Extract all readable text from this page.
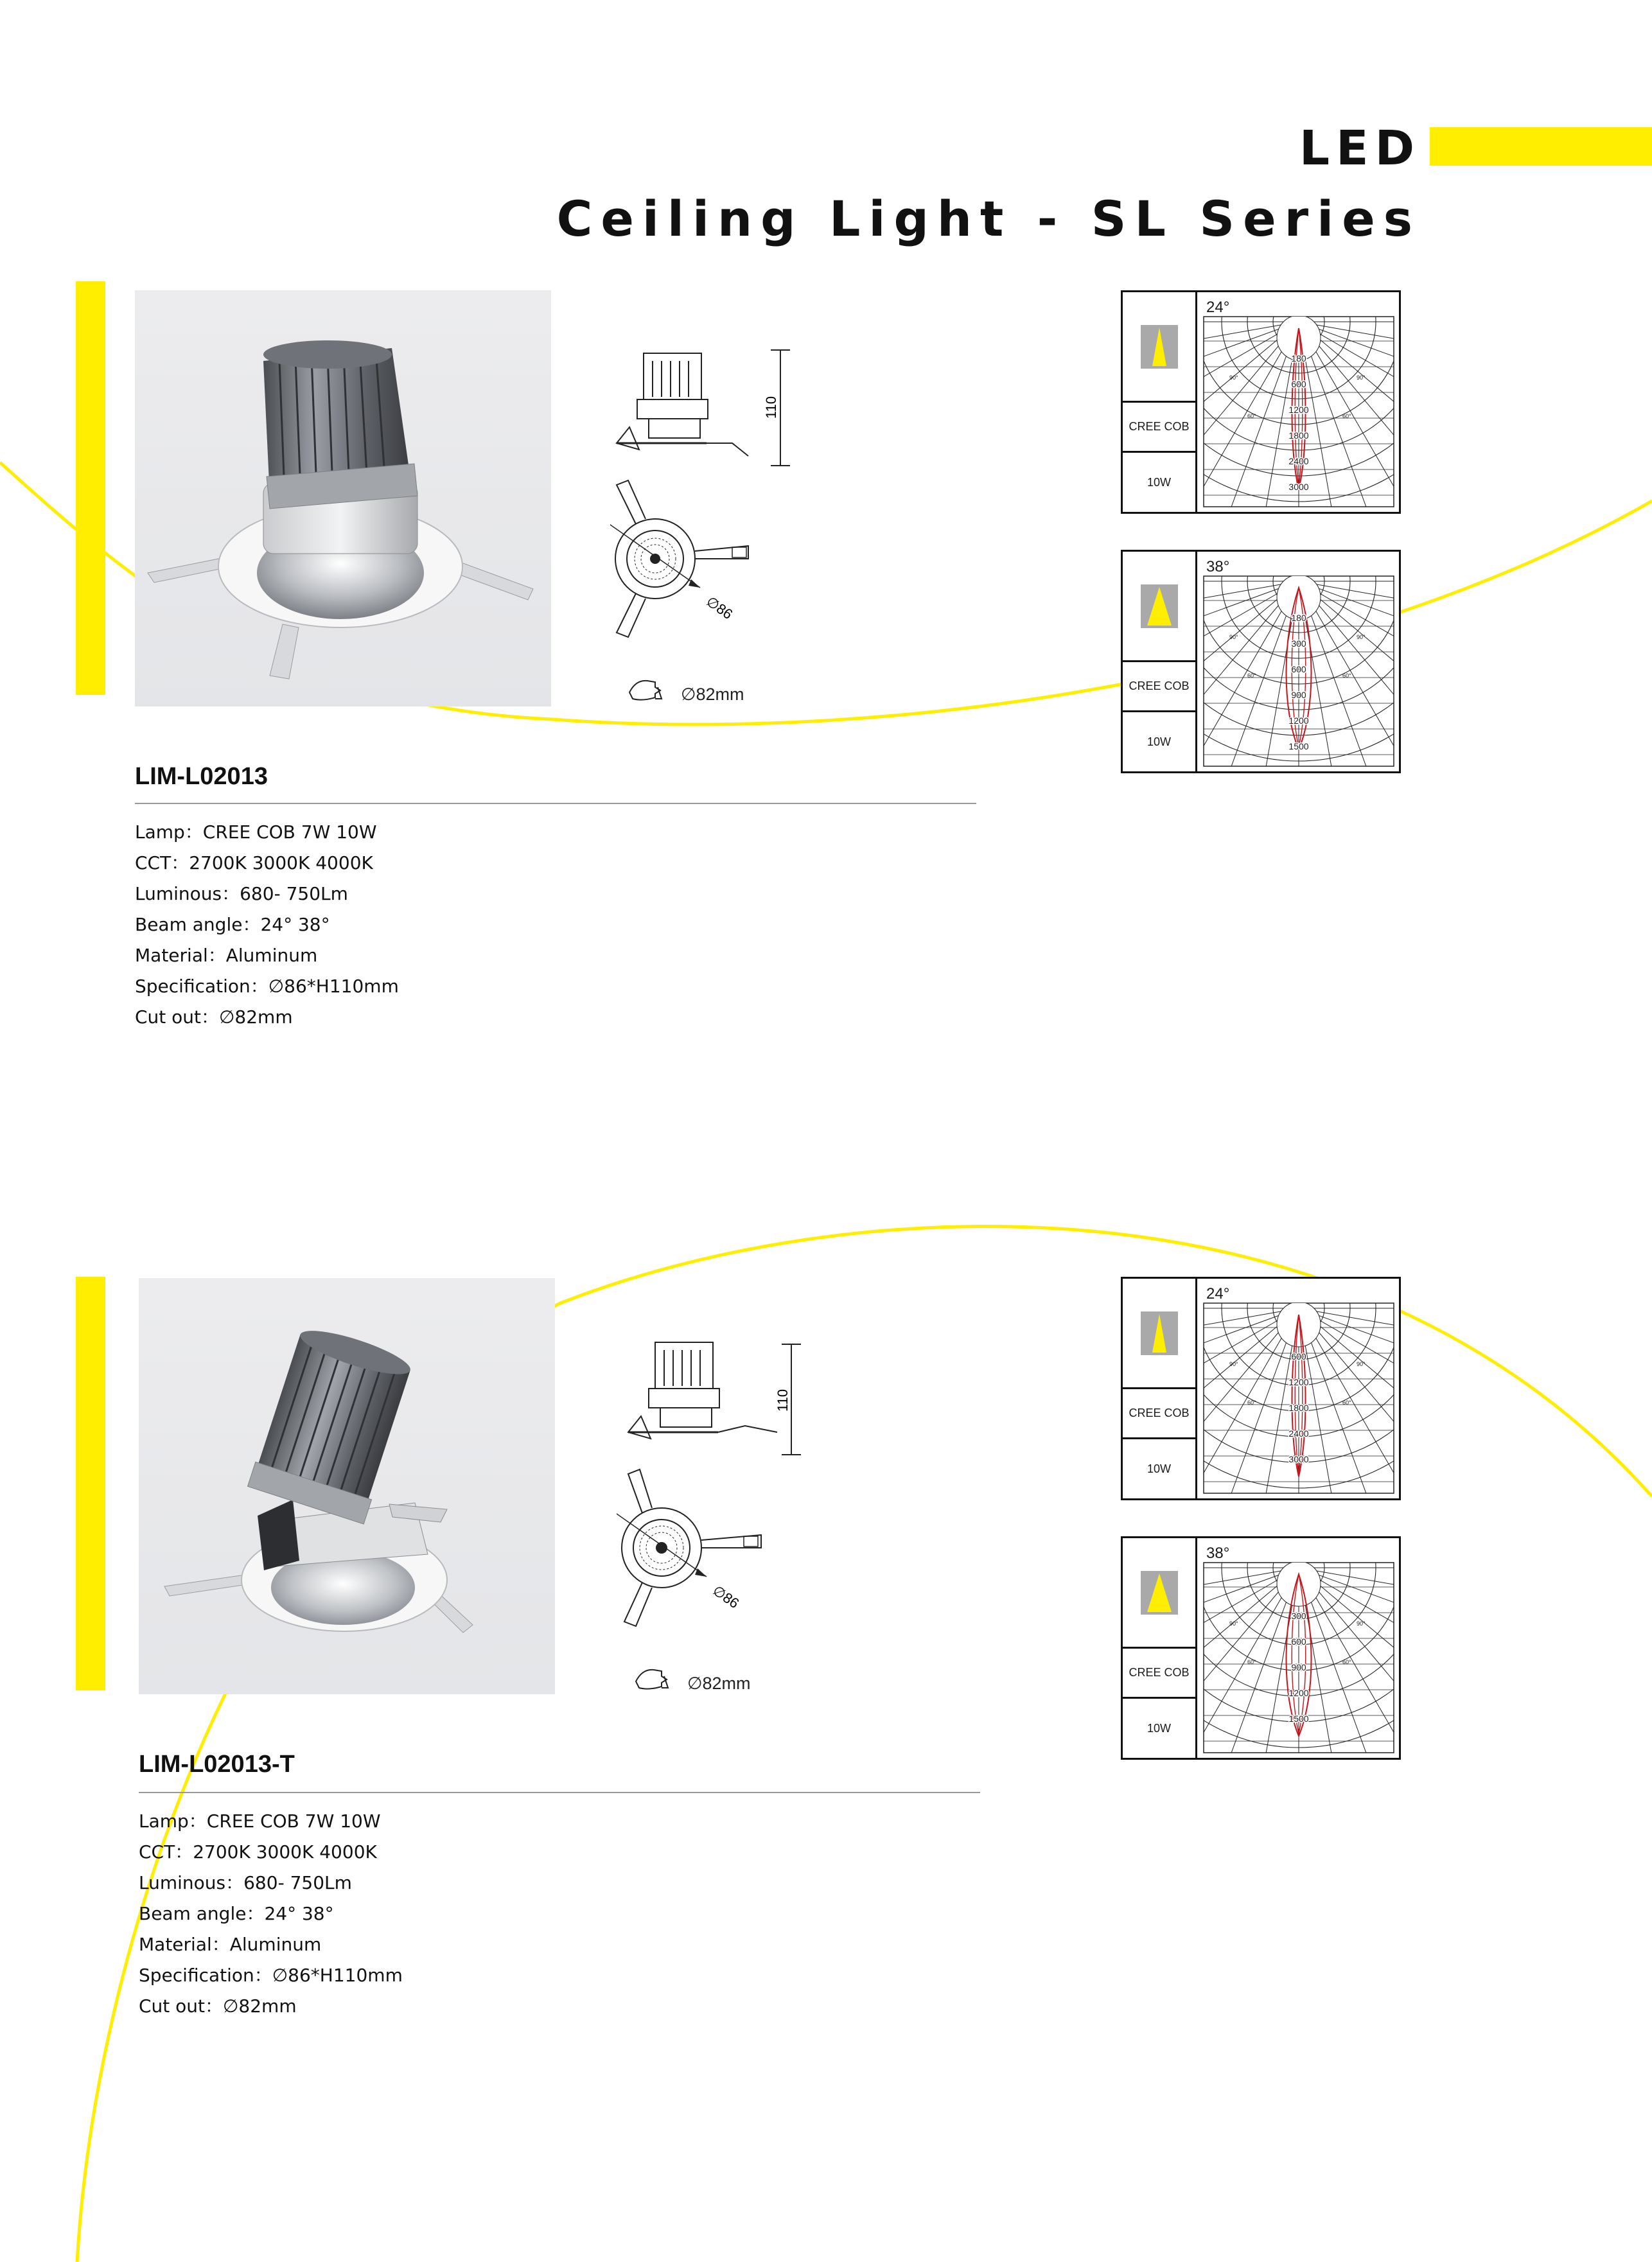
LED
Ceiling Light - SL Series
110
∅86
∅82mm
LIM-L02013
Lamp：CREE COB 7W 10W
CCT：2700K 3000K 4000K
Luminous：680- 750Lm
Beam angle：24° 38°
Material：Aluminum
Specification：∅86*H110mm
Cut out：∅82mm
CREE COB
10W
24°
90°	90°
60°	60°
180
600
1200
1800
2400
3000
CREE COB
10W
38°
90°	90°
60°	60°
180
300
600
900
1200
1500
110
∅86
∅82mm
LIM-L02013-T
Lamp：CREE COB 7W 10W
CCT：2700K 3000K 4000K
Luminous：680- 750Lm
Beam angle：24° 38°
Material：Aluminum
Specification：∅86*H110mm
Cut out：∅82mm
CREE COB
10W
24°
90°	90°
60°	60°
600
1200
1800
2400
3000
CREE COB
10W
38°
90°	90°
60°	60°
300
600
900
1200
1500
